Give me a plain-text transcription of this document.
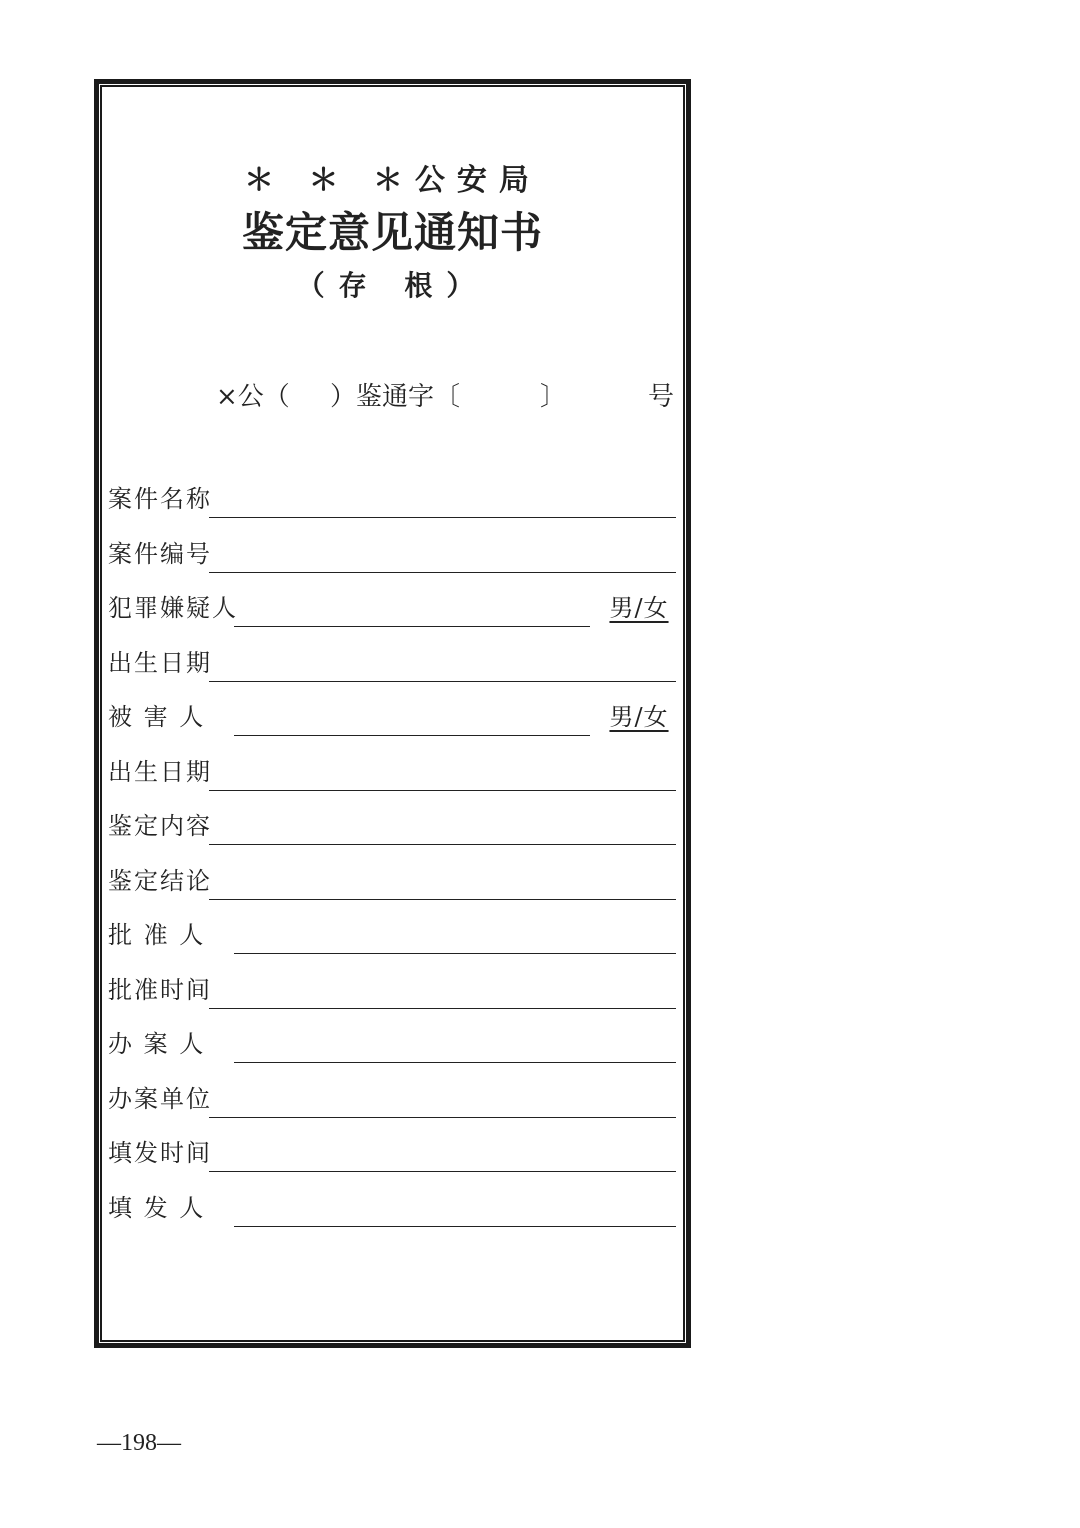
＊ ＊ ＊公安局
鉴定意见通知书
（存 根）
×公（ ）鉴通字〔	〕	号
案件名称
案件编号
犯罪嫌疑人	男/女
出生日期
被 害 人	男/女
出生日期
鉴定内容
鉴定结论
批 准 人
批准时间
办 案 人
办案单位
填发时间
填 发 人
—198—
